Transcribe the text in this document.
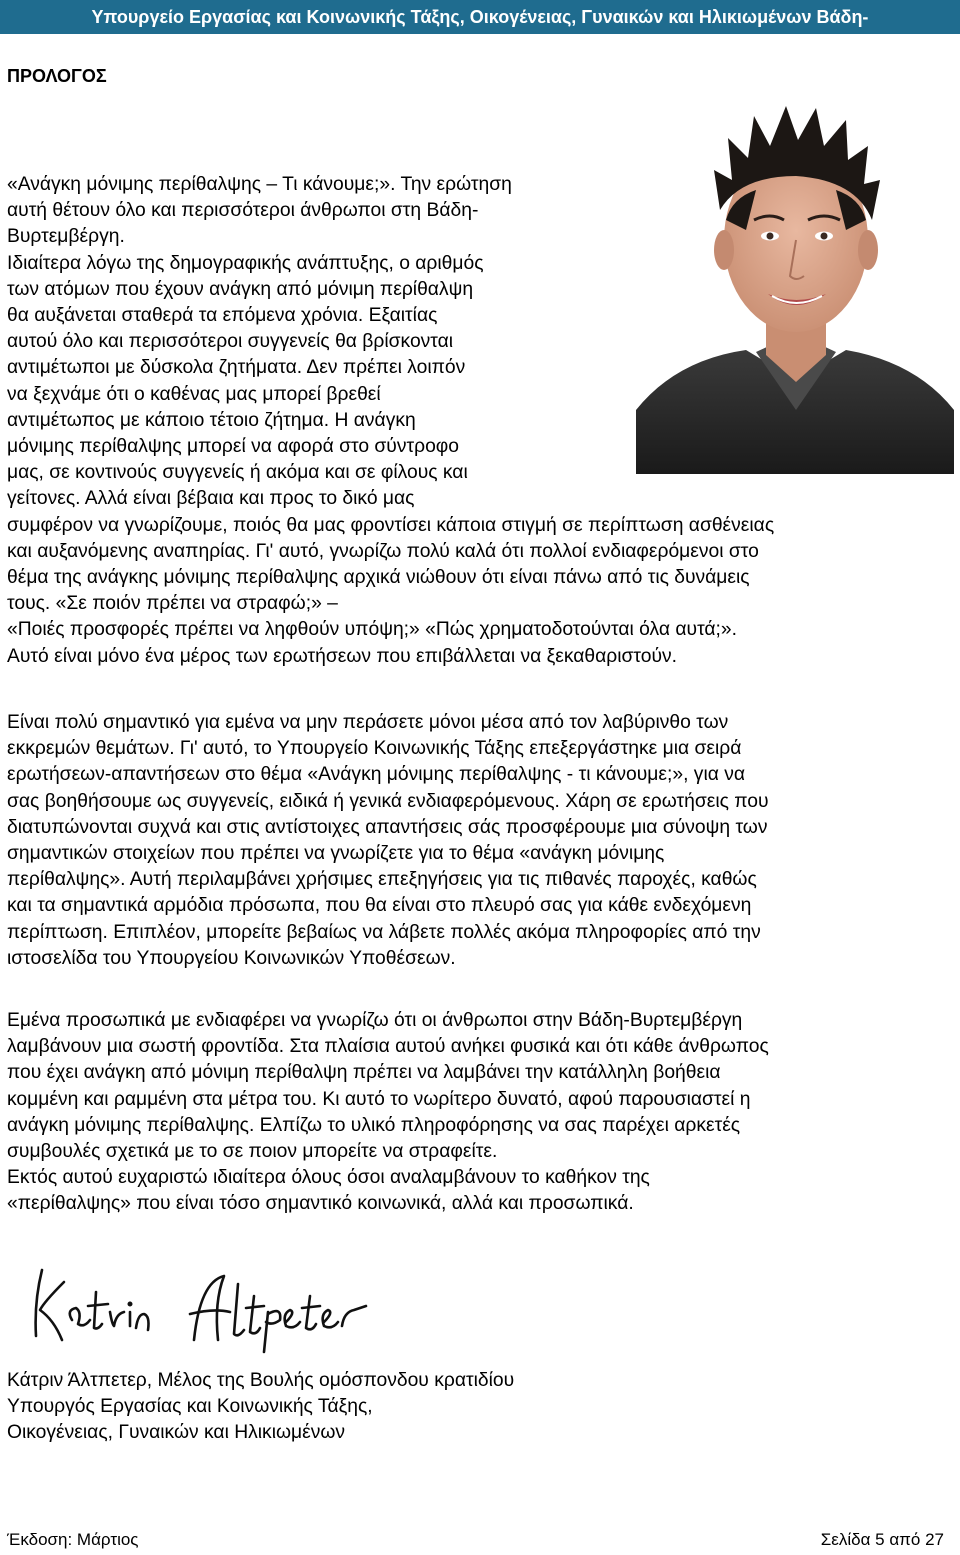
Υπουργείο Εργασίας και Κοινωνικής Τάξης, Οικογένειας, Γυναικών και Ηλικιωμένων Βάδη-
ΠΡΟΛΟΓΟΣ
«Ανάγκη μόνιμης περίθαλψης – Τι κάνουμε;». Την ερώτηση
αυτή θέτουν όλο και περισσότεροι άνθρωποι στη Βάδη-
Βυρτεμβέργη.
Ιδιαίτερα λόγω της δημογραφικής ανάπτυξης, ο αριθμός
των ατόμων που έχουν ανάγκη από μόνιμη περίθαλψη
θα αυξάνεται σταθερά τα επόμενα χρόνια. Εξαιτίας
αυτού όλο και περισσότεροι συγγενείς θα βρίσκονται
αντιμέτωποι με δύσκολα ζητήματα. Δεν πρέπει λοιπόν
να ξεχνάμε ότι ο καθένας μας μπορεί βρεθεί
αντιμέτωπος με κάποιο τέτοιο ζήτημα. Η ανάγκη
μόνιμης περίθαλψης μπορεί να αφορά στο σύντροφο
μας, σε κοντινούς συγγενείς ή ακόμα και σε φίλους και
γείτονες. Αλλά είναι βέβαια και προς το δικό μας
συμφέρον να γνωρίζουμε, ποιός θα μας φροντίσει κάποια στιγμή σε περίπτωση ασθένειας
και αυξανόμενης αναπηρίας. Γι' αυτό, γνωρίζω πολύ καλά ότι πολλοί ενδιαφερόμενοι στο
θέμα της ανάγκης μόνιμης περίθαλψης αρχικά νιώθουν ότι είναι πάνω από τις δυνάμεις
τους. «Σε ποιόν πρέπει να στραφώ;» –
«Ποιές προσφορές πρέπει να ληφθούν υπόψη;» «Πώς χρηματοδοτούνται όλα αυτά;».
Αυτό είναι μόνο ένα μέρος των ερωτήσεων που επιβάλλεται να ξεκαθαριστούν.
Είναι πολύ σημαντικό για εμένα να μην περάσετε μόνοι μέσα από τον λαβύρινθο των
εκκρεμών θεμάτων. Γι' αυτό, το Υπουργείο Κοινωνικής Τάξης επεξεργάστηκε μια σειρά
ερωτήσεων-απαντήσεων στο θέμα «Ανάγκη μόνιμης περίθαλψης - τι κάνουμε;», για να
σας βοηθήσουμε ως συγγενείς, ειδικά ή γενικά ενδιαφερόμενους. Χάρη σε ερωτήσεις που
διατυπώνονται συχνά και στις αντίστοιχες απαντήσεις σάς προσφέρουμε μια σύνοψη των
σημαντικών στοιχείων που πρέπει να γνωρίζετε για το θέμα «ανάγκη μόνιμης
περίθαλψης». Αυτή περιλαμβάνει χρήσιμες επεξηγήσεις για τις πιθανές παροχές, καθώς
και τα σημαντικά αρμόδια πρόσωπα, που θα είναι στο πλευρό σας για κάθε ενδεχόμενη
περίπτωση. Επιπλέον, μπορείτε βεβαίως να λάβετε πολλές ακόμα πληροφορίες από την
ιστοσελίδα του Υπουργείου Κοινωνικών Υποθέσεων.
Εμένα προσωπικά με ενδιαφέρει να γνωρίζω ότι οι άνθρωποι στην Βάδη-Βυρτεμβέργη
λαμβάνουν μια σωστή φροντίδα. Στα πλαίσια αυτού ανήκει φυσικά και ότι κάθε άνθρωπος
που έχει ανάγκη από μόνιμη περίθαλψη πρέπει να λαμβάνει την κατάλληλη βοήθεια
κομμένη και ραμμένη στα μέτρα του. Κι αυτό το νωρίτερο δυνατό, αφού παρουσιαστεί η
ανάγκη μόνιμης περίθαλψης. Ελπίζω το υλικό πληροφόρησης να σας παρέχει αρκετές
συμβουλές σχετικά με το σε ποιον μπορείτε να στραφείτε.
Εκτός αυτού ευχαριστώ ιδιαίτερα όλους όσοι αναλαμβάνουν το καθήκον της
«περίθαλψης» που είναι τόσο σημαντικό κοινωνικά, αλλά και προσωπικά.
Κάτριν Άλτπετερ, Μέλος της Βουλής ομόσπονδου κρατιδίου
Υπουργός Εργασίας και Κοινωνικής Τάξης,
Οικογένειας, Γυναικών και Ηλικιωμένων
Έκδοση: Μάρτιος	Σελίδα 5 από 27
